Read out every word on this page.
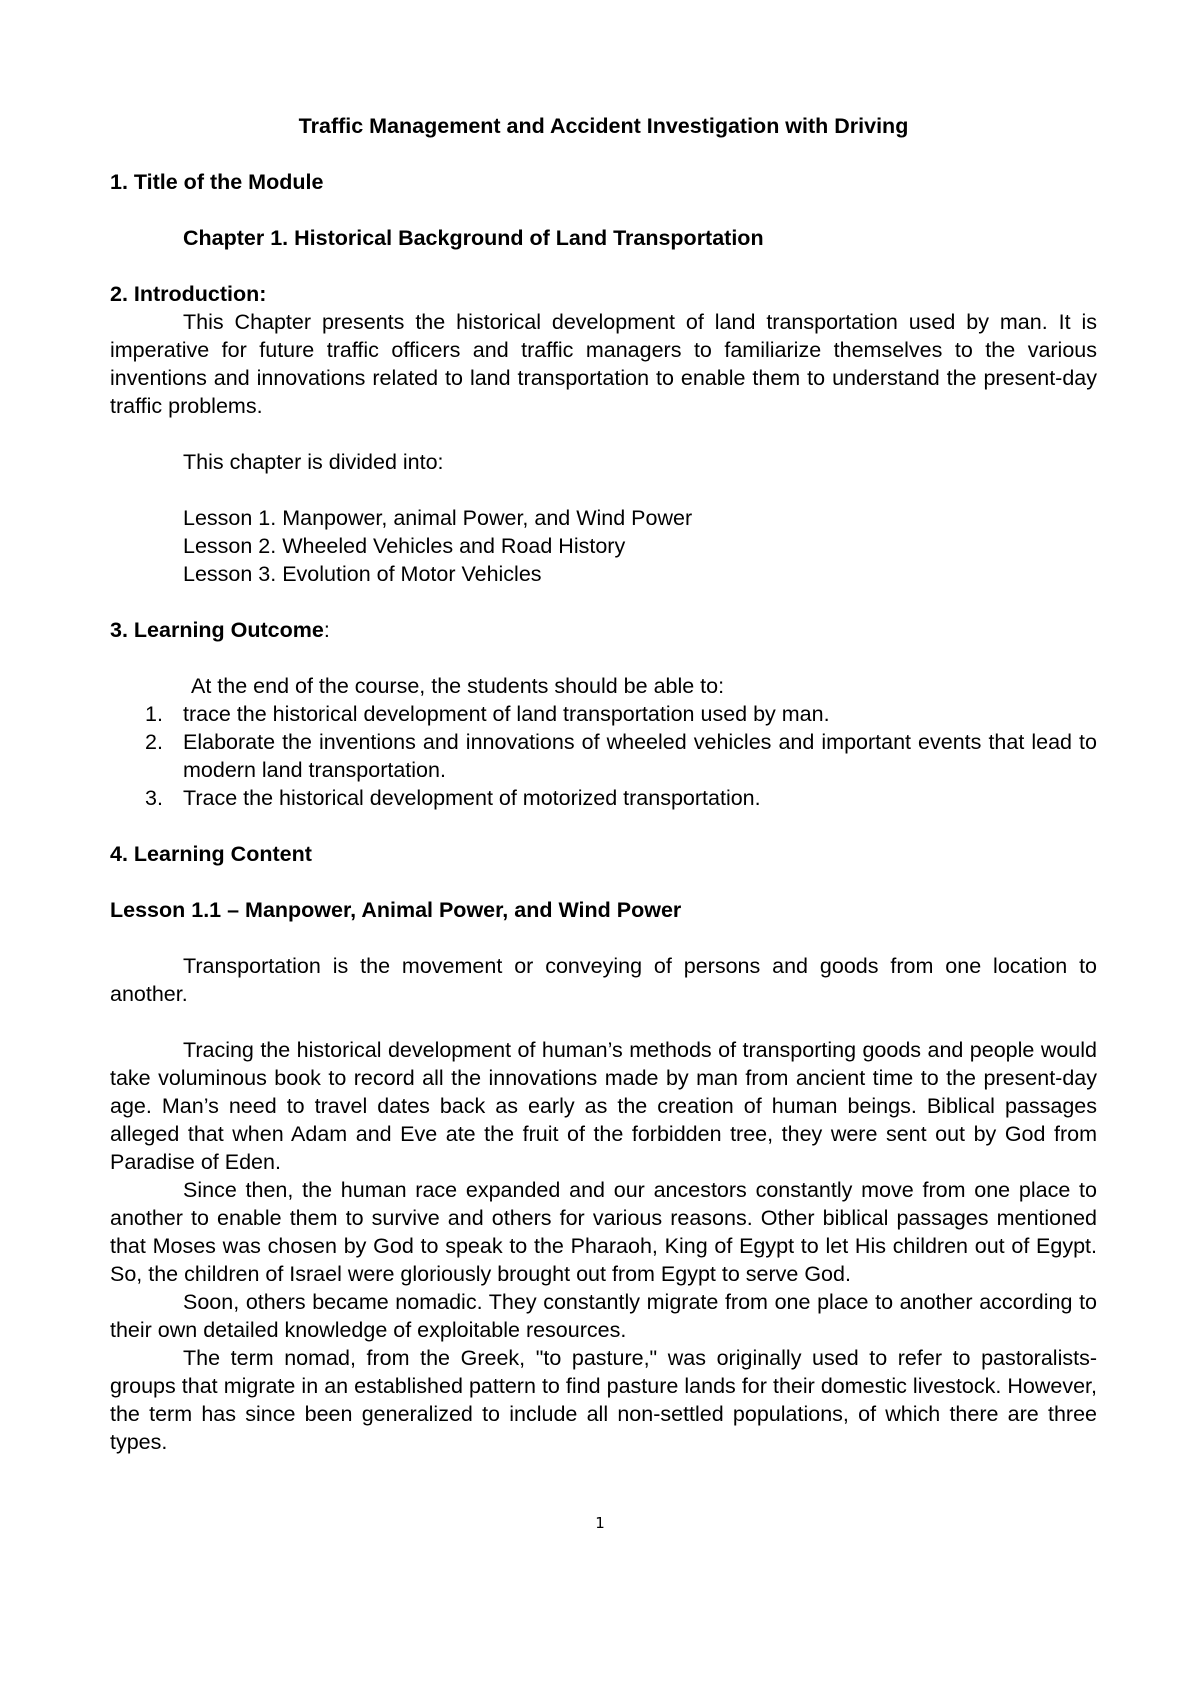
Traffic Management and Accident Investigation with Driving

1. Title of the Module

Chapter 1. Historical Background of Land Transportation

2. Introduction:

This Chapter presents the historical development of land transportation used by man. It is imperative for future traffic officers and traffic managers to familiarize themselves to the various inventions and innovations related to land transportation to enable them to understand the present-day traffic problems.

This chapter is divided into:

Lesson 1. Manpower, animal Power, and Wind Power

Lesson 2. Wheeled Vehicles and Road History

Lesson 3. Evolution of Motor Vehicles

3. Learning Outcome:

At the end of the course, the students should be able to:

1. trace the historical development of land transportation used by man.
2. Elaborate the inventions and innovations of wheeled vehicles and important events that lead to modern land transportation.
3. Trace the historical development of motorized transportation.

4. Learning Content

Lesson 1.1 – Manpower, Animal Power, and Wind Power

Transportation is the movement or conveying of persons and goods from one location to another.

Tracing the historical development of human’s methods of transporting goods and people would take voluminous book to record all the innovations made by man from ancient time to the present-day age. Man’s need to travel dates back as early as the creation of human beings. Biblical passages alleged that when Adam and Eve ate the fruit of the forbidden tree, they were sent out by God from Paradise of Eden.

Since then, the human race expanded and our ancestors constantly move from one place to another to enable them to survive and others for various reasons. Other biblical passages mentioned that Moses was chosen by God to speak to the Pharaoh, King of Egypt to let His children out of Egypt. So, the children of Israel were gloriously brought out from Egypt to serve God.

Soon, others became nomadic. They constantly migrate from one place to another according to their own detailed knowledge of exploitable resources.

The term nomad, from the Greek, "to pasture," was originally used to refer to pastoralists-groups that migrate in an established pattern to find pasture lands for their domestic livestock. However, the term has since been generalized to include all non-settled populations, of which there are three types.

1
